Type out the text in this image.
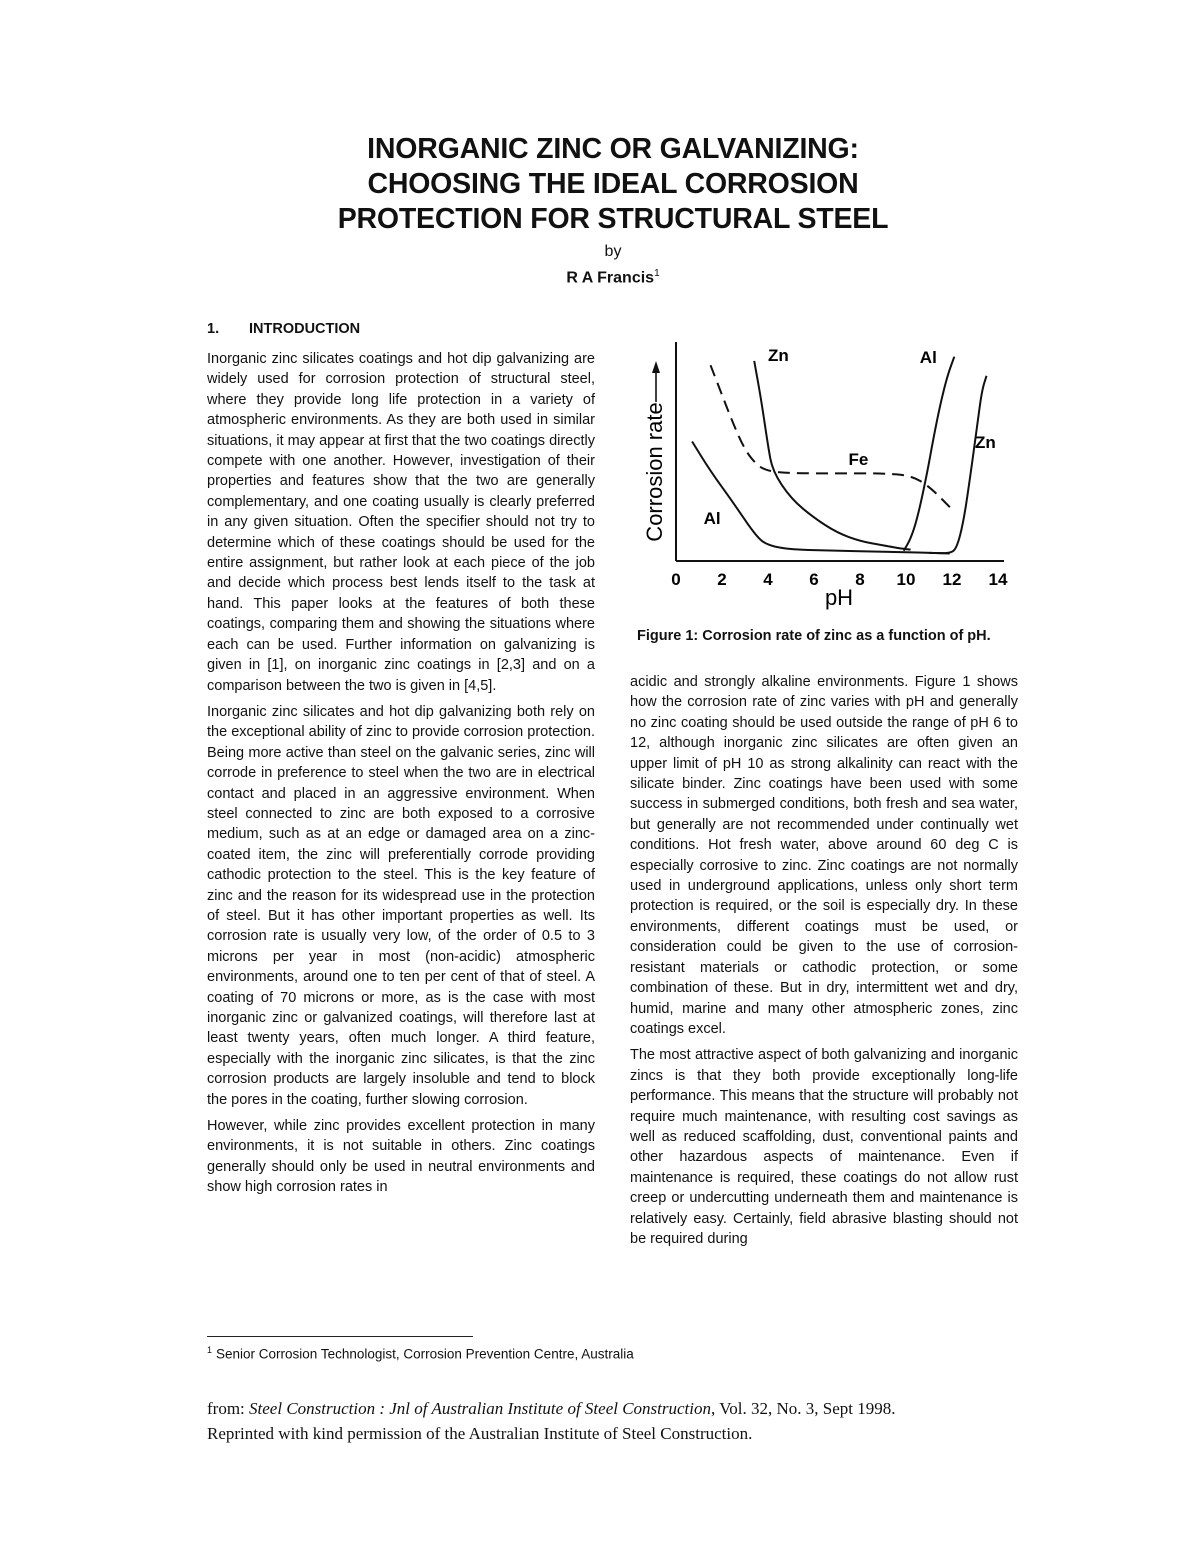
INORGANIC ZINC OR GALVANIZING:
CHOOSING THE IDEAL CORROSION
PROTECTION FOR STRUCTURAL STEEL
by
R A Francis$^1$
1. INTRODUCTION

Inorganic zinc silicates coatings and hot dip galvanizing are widely used for corrosion protection of structural steel, where they provide long life protection in a variety of atmospheric environments. As they are both used in similar situations, it may appear at first that the two coatings directly compete with one another. However, investigation of their properties and features show that the two are generally complementary, and one coating usually is clearly preferred in any given situation. Often the specifier should not try to determine which of these coatings should be used for the entire assignment, but rather look at each piece of the job and decide which process best lends itself to the task at hand. This paper looks at the features of both these coatings, comparing them and showing the situations where each can be used. Further information on galvanizing is given in [1], on inorganic zinc coatings in [2,3] and on a comparison between the two is given in [4,5].

Inorganic zinc silicates and hot dip galvanizing both rely on the exceptional ability of zinc to provide corrosion protection. Being more active than steel on the galvanic series, zinc will corrode in preference to steel when the two are in electrical contact and placed in an aggressive environment. When steel connected to zinc are both exposed to a corrosive medium, such as at an edge or damaged area on a zinc-coated item, the zinc will preferentially corrode providing cathodic protection to the steel. This is the key feature of zinc and the reason for its widespread use in the protection of steel. But it has other important properties as well. Its corrosion rate is usually very low, of the order of 0.5 to 3 microns per year in most (non-acidic) atmospheric environments, around one to ten per cent of that of steel. A coating of 70 microns or more, as is the case with most inorganic zinc or galvanized coatings, will therefore last at least twenty years, often much longer. A third feature, especially with the inorganic zinc silicates, is that the zinc corrosion products are largely insoluble and tend to block the pores in the coating, further slowing corrosion.

However, while zinc provides excellent protection in many environments, it is not suitable in others. Zinc coatings generally should only be used in neutral environments and show high corrosion rates in

Corrosion rate
pH
0 2 4 6 8 10 12 14
Zn	Al
Fe
Zn
Al
Figure 1: Corrosion rate of zinc as a function of pH.

acidic and strongly alkaline environments. Figure 1 shows how the corrosion rate of zinc varies with pH and generally no zinc coating should be used outside the range of pH 6 to 12, although inorganic zinc silicates are often given an upper limit of pH 10 as strong alkalinity can react with the silicate binder. Zinc coatings have been used with some success in submerged conditions, both fresh and sea water, but generally are not recommended under continually wet conditions. Hot fresh water, above around 60 deg C is especially corrosive to zinc. Zinc coatings are not normally used in underground applications, unless only short term protection is required, or the soil is especially dry. In these environments, different coatings must be used, or consideration could be given to the use of corrosion-resistant materials or cathodic protection, or some combination of these. But in dry, intermittent wet and dry, humid, marine and many other atmospheric zones, zinc coatings excel.

The most attractive aspect of both galvanizing and inorganic zincs is that they both provide exceptionally long-life performance. This means that the structure will probably not require much maintenance, with resulting cost savings as well as reduced scaffolding, dust, conventional paints and other hazardous aspects of maintenance. Even if maintenance is required, these coatings do not allow rust creep or undercutting underneath them and maintenance is relatively easy. Certainly, field abrasive blasting should not be required during

$^1$ Senior Corrosion Technologist, Corrosion Prevention Centre, Australia
from: Steel Construction : Jnl of Australian Institute of Steel Construction, Vol. 32, No. 3, Sept 1998.
Reprinted with kind permission of the Australian Institute of Steel Construction.
